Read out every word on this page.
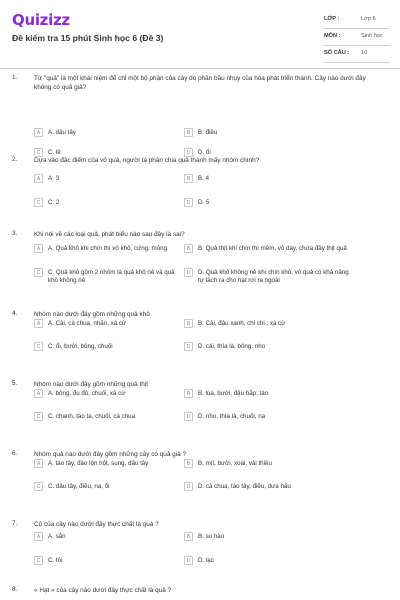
Quizizz
Đề kiểm tra 15 phút Sinh học 6 (Đề 3)
LỚP :	Lớp 6
MÔN :	Sinh học
SỐ CÂU : 10
1.	Từ "quả" là một khái niệm để chỉ một bộ phận của cây do phần bầu nhụy của hoa phát triển thành. Cây nào dưới đây không có quả giả?
A	A. dâu tây	B	B. điều
C	C. lê	D	D. ổi
2.	Dựa vào đặc điểm của vỏ quả, người ta phân chia quả thành mấy nhóm chính?
A	A. 3	B	B. 4
C	C. 2	D	D. 5
3.	Khi nói về các loại quả, phát biểu nào sau đây là sai?
A	A. Quả khô khi chín thì vỏ khô, cứng, mỏng	B	B. Quả thịt khi chín thì mềm, vỏ dày, chứa đầy thịt quả
C	C. Quả khô gồm 2 nhóm là quả khô nẻ và quả khô không nẻ
D	D. Quả khô không nẻ khi chín khô, vỏ quả có khả năng tự tách ra cho hạt rơi ra ngoài
4.	Nhóm nào dưới đây gồm những quả khô
A	A. Cải, cà chua, nhãn, xà cừ	B	B. Cải, đậu xanh, chi chi , xà cừ
C	C. ổi, bưởi, bông, chuối	D	D. cải, thìa là, bông, nho
5.	Nhóm nào dưới đây gồm những quả thịt
A	A. bông, đu đủ, chuối, xà cừ	B	B. lúa, bưởi, đậu bắp, táo
C	C. chanh, táo ta, chuối, cà chua	D	D. nho, thìa là, chuối, na
6.	Nhóm quả nào dưới đây gồm những cây có quả giả ?
A	A. táo tây, đào lộn hột, sung, dâu tây	B	B. mít, bưởi, xoài, vải thiều
C	C. dâu tây, điều, na, ổi	D	D. cà chua, táo tây, điều, dưa hấu
7.	Củ của cây nào dưới đây thực chất là quả ?
A	A. sắn	B	B. su hào
C	C. tỏi	D	D. lạc
8.	« Hạt » của cây nào dưới đây thực chất là quả ?
